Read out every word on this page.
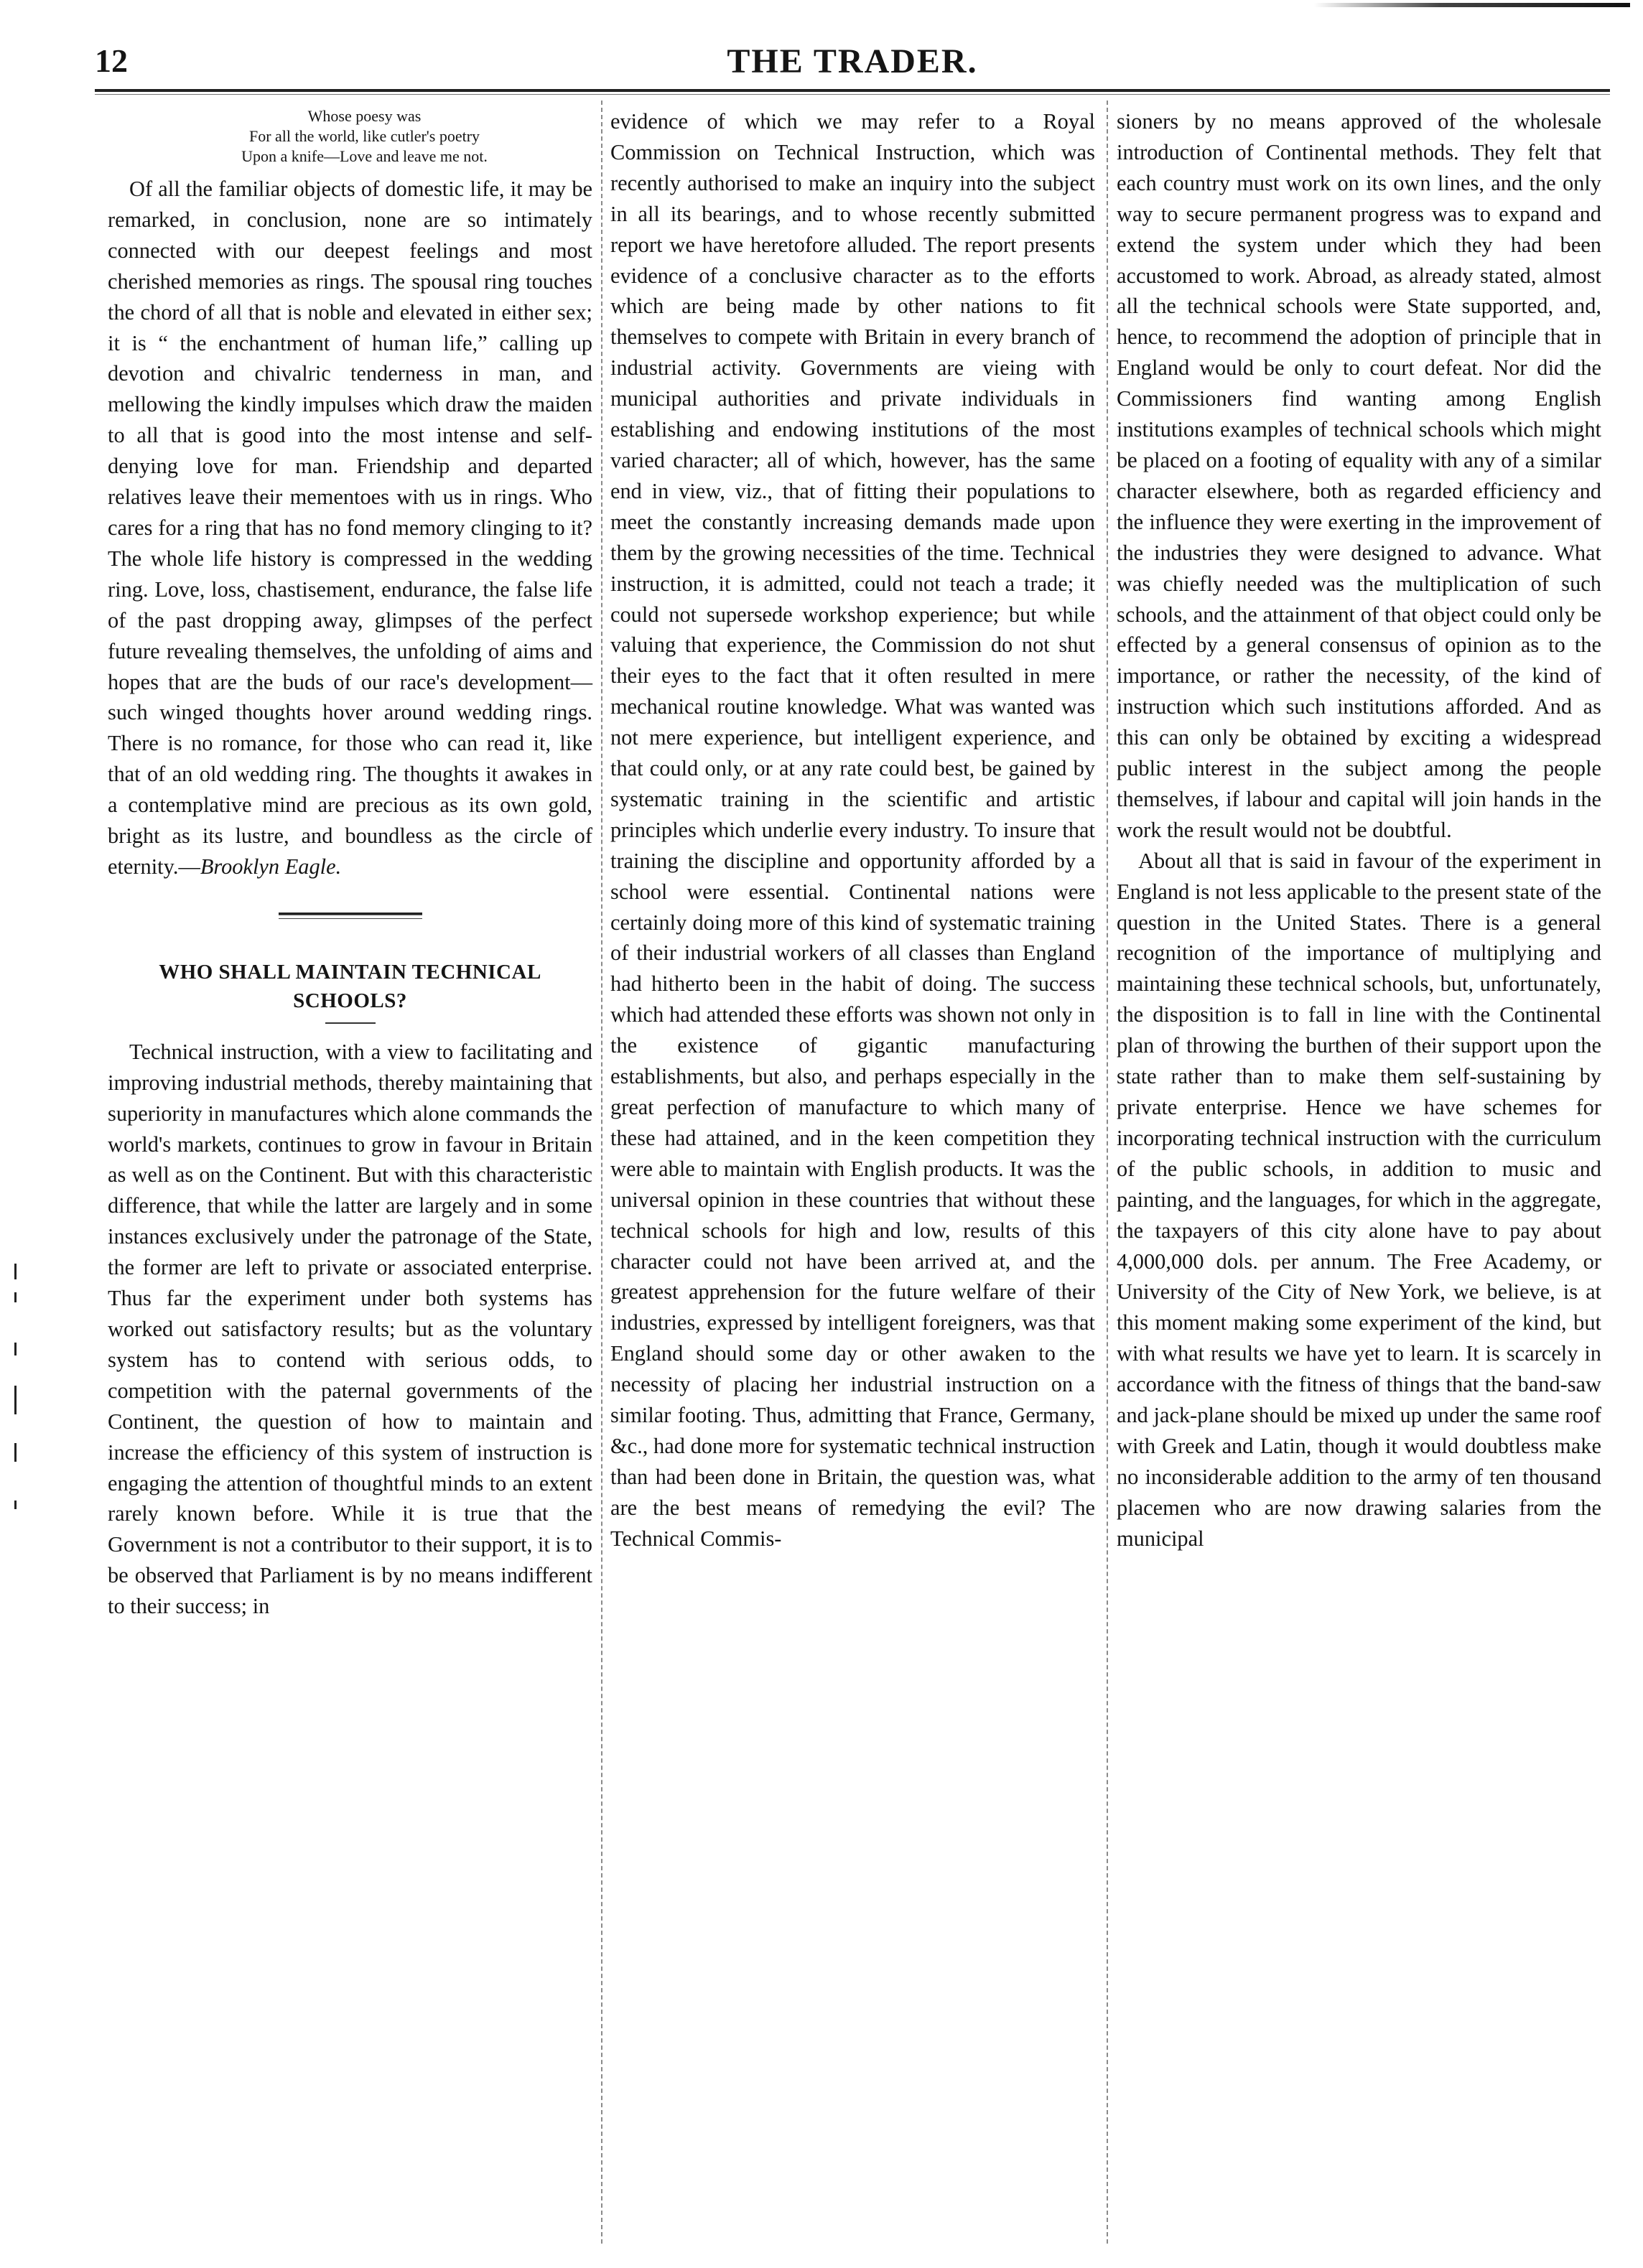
12	THE TRADER.
Whose poesy was
For all the world, like cutler's poetry
Upon a knife—Love and leave me not.

Of all the familiar objects of domestic life, it may be remarked, in conclusion, none are so intimately connected with our deepest feelings and most cherished memories as rings. The spousal ring touches the chord of all that is noble and elevated in either sex; it is “ the enchantment of human life,” calling up devotion and chivalric tenderness in man, and mellowing the kindly impulses which draw the maiden to all that is good into the most intense and self-denying love for man. Friendship and departed relatives leave their mementoes with us in rings. Who cares for a ring that has no fond memory clinging to it? The whole life history is compressed in the wedding ring. Love, loss, chastisement, endurance, the false life of the past dropping away, glimpses of the perfect future revealing themselves, the unfolding of aims and hopes that are the buds of our race's development—such winged thoughts hover around wedding rings. There is no romance, for those who can read it, like that of an old wedding ring. The thoughts it awakes in a contemplative mind are precious as its own gold, bright as its lustre, and boundless as the circle of eternity.—Brooklyn Eagle.

WHO SHALL MAINTAIN TECHNICAL SCHOOLS?

Technical instruction, with a view to facilitating and improving industrial methods, thereby maintaining that superiority in manufactures which alone commands the world's markets, continues to grow in favour in Britain as well as on the Continent. But with this characteristic difference, that while the latter are largely and in some instances exclusively under the patronage of the State, the former are left to private or associated enterprise. Thus far the experiment under both systems has worked out satisfactory results; but as the voluntary system has to contend with serious odds, to competition with the paternal governments of the Continent, the question of how to maintain and increase the efficiency of this system of instruction is engaging the attention of thoughtful minds to an extent rarely known before. While it is true that the Government is not a contributor to their support, it is to be observed that Parliament is by no means indifferent to their success; in

evidence of which we may refer to a Royal Commission on Technical Instruction, which was recently authorised to make an inquiry into the subject in all its bearings, and to whose recently submitted report we have heretofore alluded. The report presents evidence of a conclusive character as to the efforts which are being made by other nations to fit themselves to compete with Britain in every branch of industrial activity. Governments are vieing with municipal authorities and private individuals in establishing and endowing institutions of the most varied character; all of which, however, has the same end in view, viz., that of fitting their populations to meet the constantly increasing demands made upon them by the growing necessities of the time. Technical instruction, it is admitted, could not teach a trade; it could not supersede workshop experience; but while valuing that experience, the Commission do not shut their eyes to the fact that it often resulted in mere mechanical routine knowledge. What was wanted was not mere experience, but intelligent experience, and that could only, or at any rate could best, be gained by systematic training in the scientific and artistic principles which underlie every industry. To insure that training the discipline and opportunity afforded by a school were essential. Continental nations were certainly doing more of this kind of systematic training of their industrial workers of all classes than England had hitherto been in the habit of doing. The success which had attended these efforts was shown not only in the existence of gigantic manufacturing establishments, but also, and perhaps especially in the great perfection of manufacture to which many of these had attained, and in the keen competition they were able to maintain with English products. It was the universal opinion in these countries that without these technical schools for high and low, results of this character could not have been arrived at, and the greatest apprehension for the future welfare of their industries, expressed by intelligent foreigners, was that England should some day or other awaken to the necessity of placing her industrial instruction on a similar footing. Thus, admitting that France, Germany, &c., had done more for systematic technical instruction than had been done in Britain, the question was, what are the best means of remedying the evil? The Technical Commis-

sioners by no means approved of the wholesale introduction of Continental methods. They felt that each country must work on its own lines, and the only way to secure permanent progress was to expand and extend the system under which they had been accustomed to work. Abroad, as already stated, almost all the technical schools were State supported, and, hence, to recommend the adoption of principle that in England would be only to court defeat. Nor did the Commissioners find wanting among English institutions examples of technical schools which might be placed on a footing of equality with any of a similar character elsewhere, both as regarded efficiency and the influence they were exerting in the improvement of the industries they were designed to advance. What was chiefly needed was the multiplication of such schools, and the attainment of that object could only be effected by a general consensus of opinion as to the importance, or rather the necessity, of the kind of instruction which such institutions afforded. And as this can only be obtained by exciting a widespread public interest in the subject among the people themselves, if labour and capital will join hands in the work the result would not be doubtful.

About all that is said in favour of the experiment in England is not less applicable to the present state of the question in the United States. There is a general recognition of the importance of multiplying and maintaining these technical schools, but, unfortunately, the disposition is to fall in line with the Continental plan of throwing the burthen of their support upon the state rather than to make them self-sustaining by private enterprise. Hence we have schemes for incorporating technical instruction with the curriculum of the public schools, in addition to music and painting, and the languages, for which in the aggregate, the taxpayers of this city alone have to pay about 4,000,000 dols. per annum. The Free Academy, or University of the City of New York, we believe, is at this moment making some experiment of the kind, but with what results we have yet to learn. It is scarcely in accordance with the fitness of things that the band-saw and jack-plane should be mixed up under the same roof with Greek and Latin, though it would doubtless make no inconsiderable addition to the army of ten thousand placemen who are now drawing salaries from the municipal
